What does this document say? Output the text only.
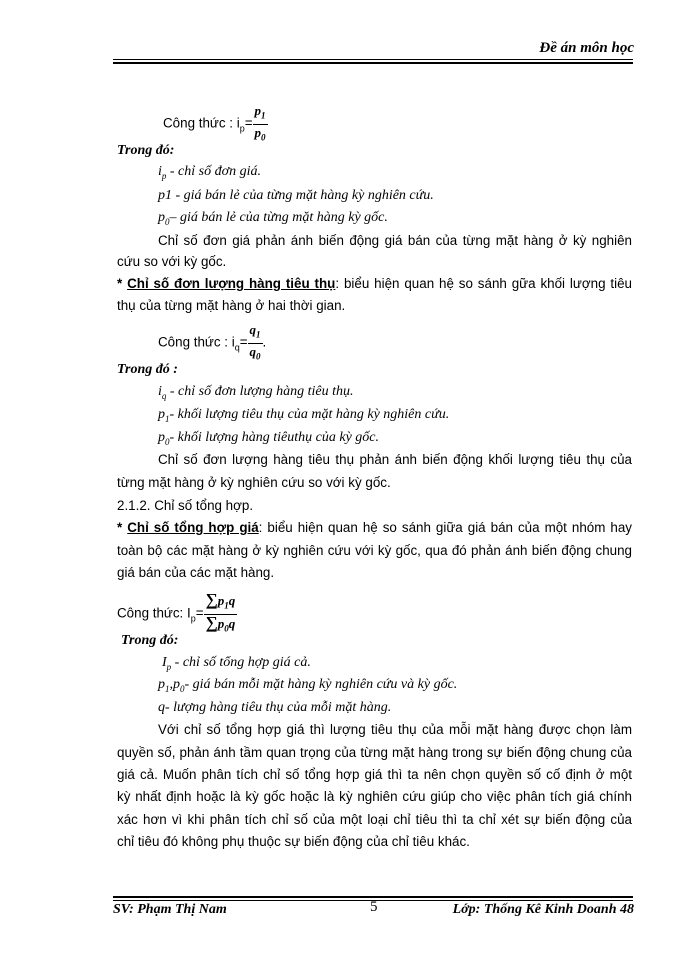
Đề án môn học
Công thức : $i_p= \frac{p_1}{p_0}$
Trong đó:
$i_p$ - chỉ số đơn giá.
p1 - giá bán lẻ của từng mặt hàng kỳ nghiên cứu.
$p_0-$ giá bán lẻ của từng mặt hàng kỳ gốc.
Chỉ số đơn giá phản ánh biến động giá bán của từng mặt hàng ở kỳ nghiên
cứu so với kỳ gốc.
* Chỉ số đơn lượng hàng tiêu thụ: biểu hiện quan hệ so sánh gữa khối lượng tiêu
thụ của từng mặt hàng ở hai thời gian.
Công thức : $i_q= \frac{q_1}{q_0}$ .
Trong đó :
$i_q$ - chỉ số đơn lượng hàng tiêu thụ.
$p_1-$ khối lượng tiêu thụ của mặt hàng kỳ nghiên cứu.
$p_0-$ khối lượng hàng tiêuthụ của kỳ gốc.
Chỉ số đơn lượng hàng tiêu thụ phản ánh biến động khối lượng tiêu thụ của
từng mặt hàng ở kỳ nghiên cứu so với kỳ gốc.
2.1.2. Chỉ số tổng hợp.
* Chỉ số tổng hợp giá: biểu hiện quan hệ so sánh giữa giá bán của một nhóm hay
toàn bộ các mặt hàng ở kỳ nghiên cứu với kỳ gốc, qua đó phản ánh biến động chung
giá bán của các mặt hàng.
Công thức: $I_p= \frac{\sum p_1q}{\sum p_0q}$
Trong đó:
$I_p$ - chỉ số tổng hợp giá cả.
$p_1,p_0-$ giá bán mỗi mặt hàng kỳ nghiên cứu và kỳ gốc.
q- lượng hàng tiêu thụ của mỗi mặt hàng.
Với chỉ số tổng hợp giá thì lượng tiêu thụ của mỗi mặt hàng được chọn làm
quyền số, phản ánh tầm quan trọng của từng mặt hàng trong sự biến động chung của
giá cả. Muốn phân tích chỉ số tổng hợp giá thì ta nên chọn quyền số cố định ở một
kỳ nhất định hoặc là kỳ gốc hoặc là kỳ nghiên cứu giúp cho việc phân tích giá chính
xác hơn vì khi phân tích chỉ số của một loại chỉ tiêu thì ta chỉ xét sự biến động của
chỉ tiêu đó không phụ thuộc sự biến động của chỉ tiêu khác.
SV: Phạm Thị Nam	5	Lớp: Thống Kê Kinh Doanh 48
